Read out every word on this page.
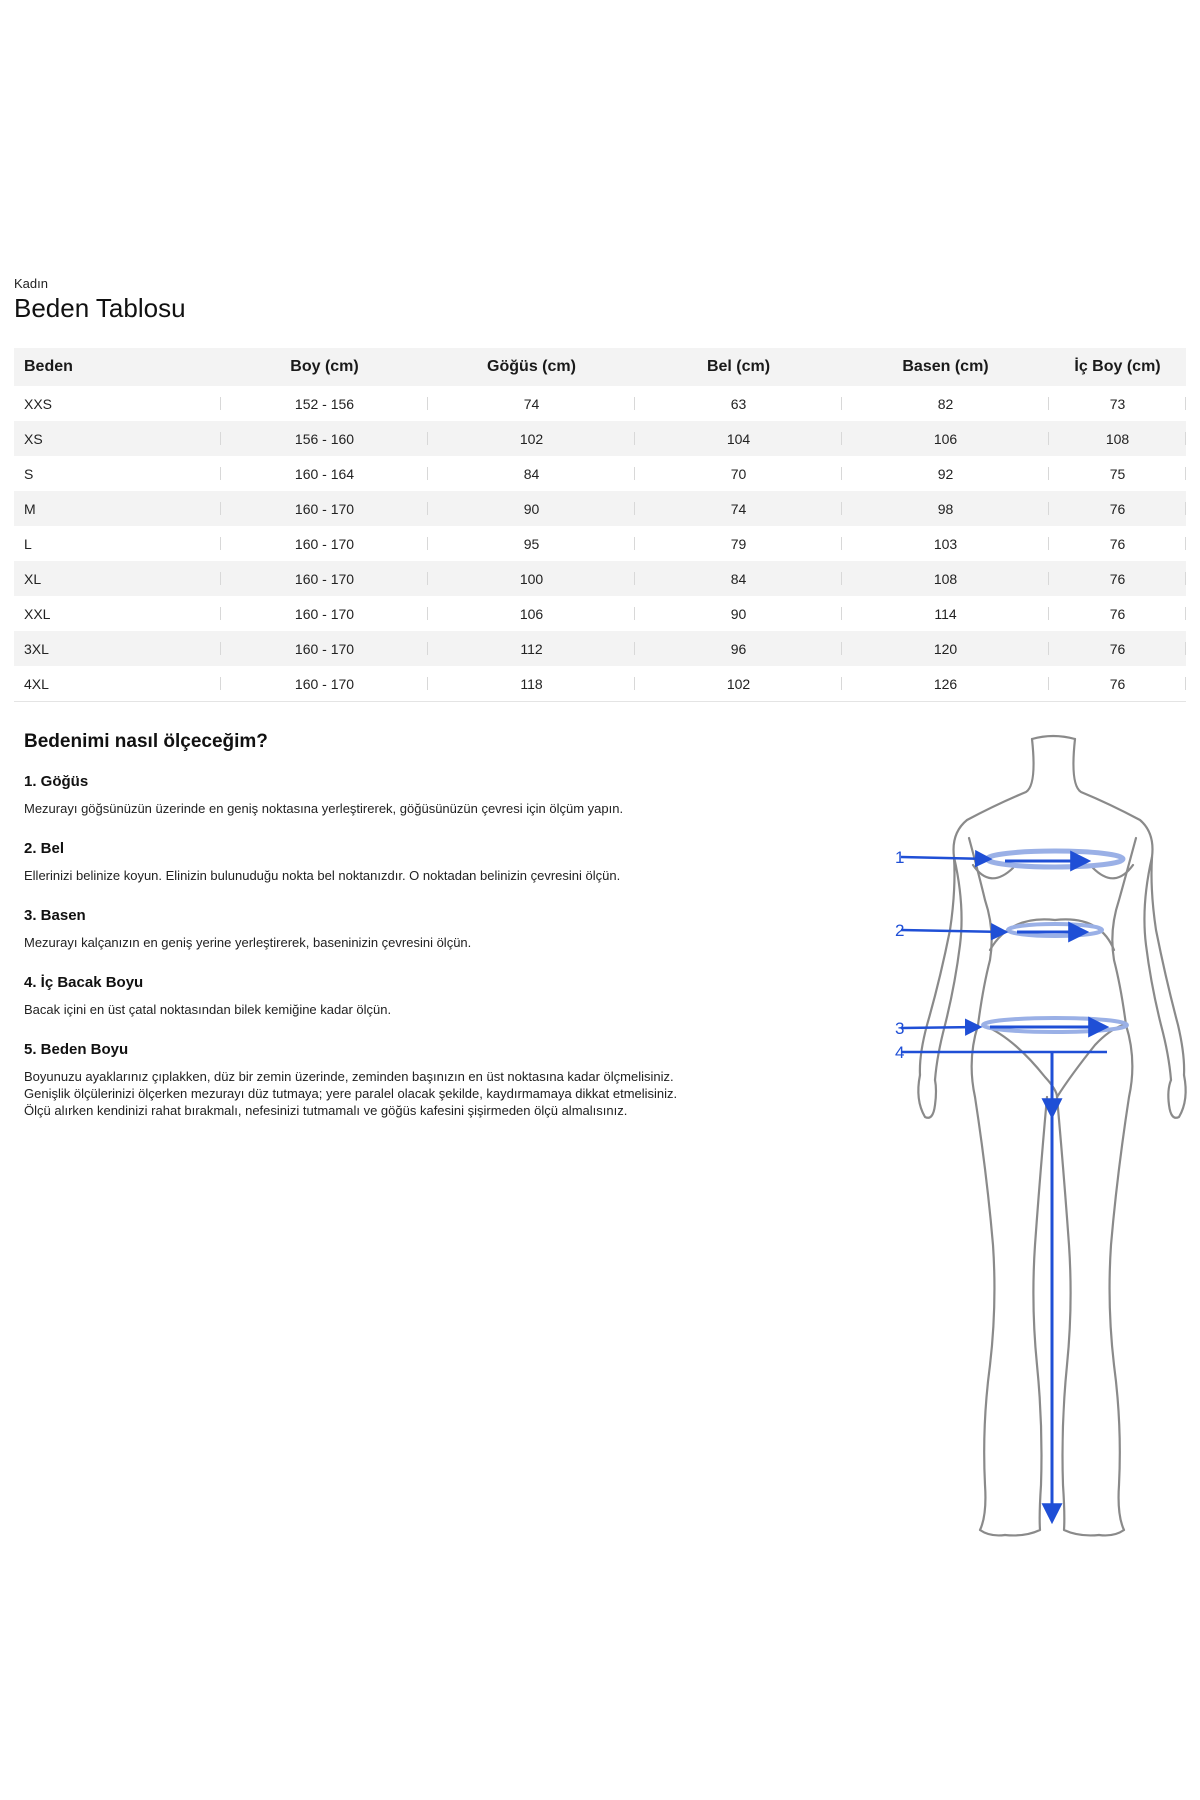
Kadın
Beden Tablosu
Beden	Boy (cm)	Göğüs (cm)	Bel (cm)	Basen (cm)	İç Boy (cm)
XXS	152 - 156	74	63	82	73
XS	156 - 160	102	104	106	108
S	160 - 164	84	70	92	75
M	160 - 170	90	74	98	76
L	160 - 170	95	79	103	76
XL	160 - 170	100	84	108	76
XXL	160 - 170	106	90	114	76
3XL	160 - 170	112	96	120	76
4XL	160 - 170	118	102	126	76
Bedenimi nasıl ölçeceğim?
1. Göğüs
Mezurayı göğsünüzün üzerinde en geniş noktasına yerleştirerek, göğüsünüzün çevresi için ölçüm yapın.
2. Bel
Ellerinizi belinize koyun. Elinizin bulunuduğu nokta bel noktanızdır. O noktadan belinizin çevresini ölçün.
3. Basen
Mezurayı kalçanızın en geniş yerine yerleştirerek, baseninizin çevresini ölçün.
4. İç Bacak Boyu
Bacak içini en üst çatal noktasından bilek kemiğine kadar ölçün.
5. Beden Boyu
Boyunuzu ayaklarınız çıplakken, düz bir zemin üzerinde, zeminden başınızın en üst noktasına kadar ölçmelisiniz.
Genişlik ölçülerinizi ölçerken mezurayı düz tutmaya; yere paralel olacak şekilde, kaydırmamaya dikkat etmelisiniz.
Ölçü alırken kendinizi rahat bırakmalı, nefesinizi tutmamalı ve göğüs kafesini şişirmeden ölçü almalısınız.
1
2
3
4
